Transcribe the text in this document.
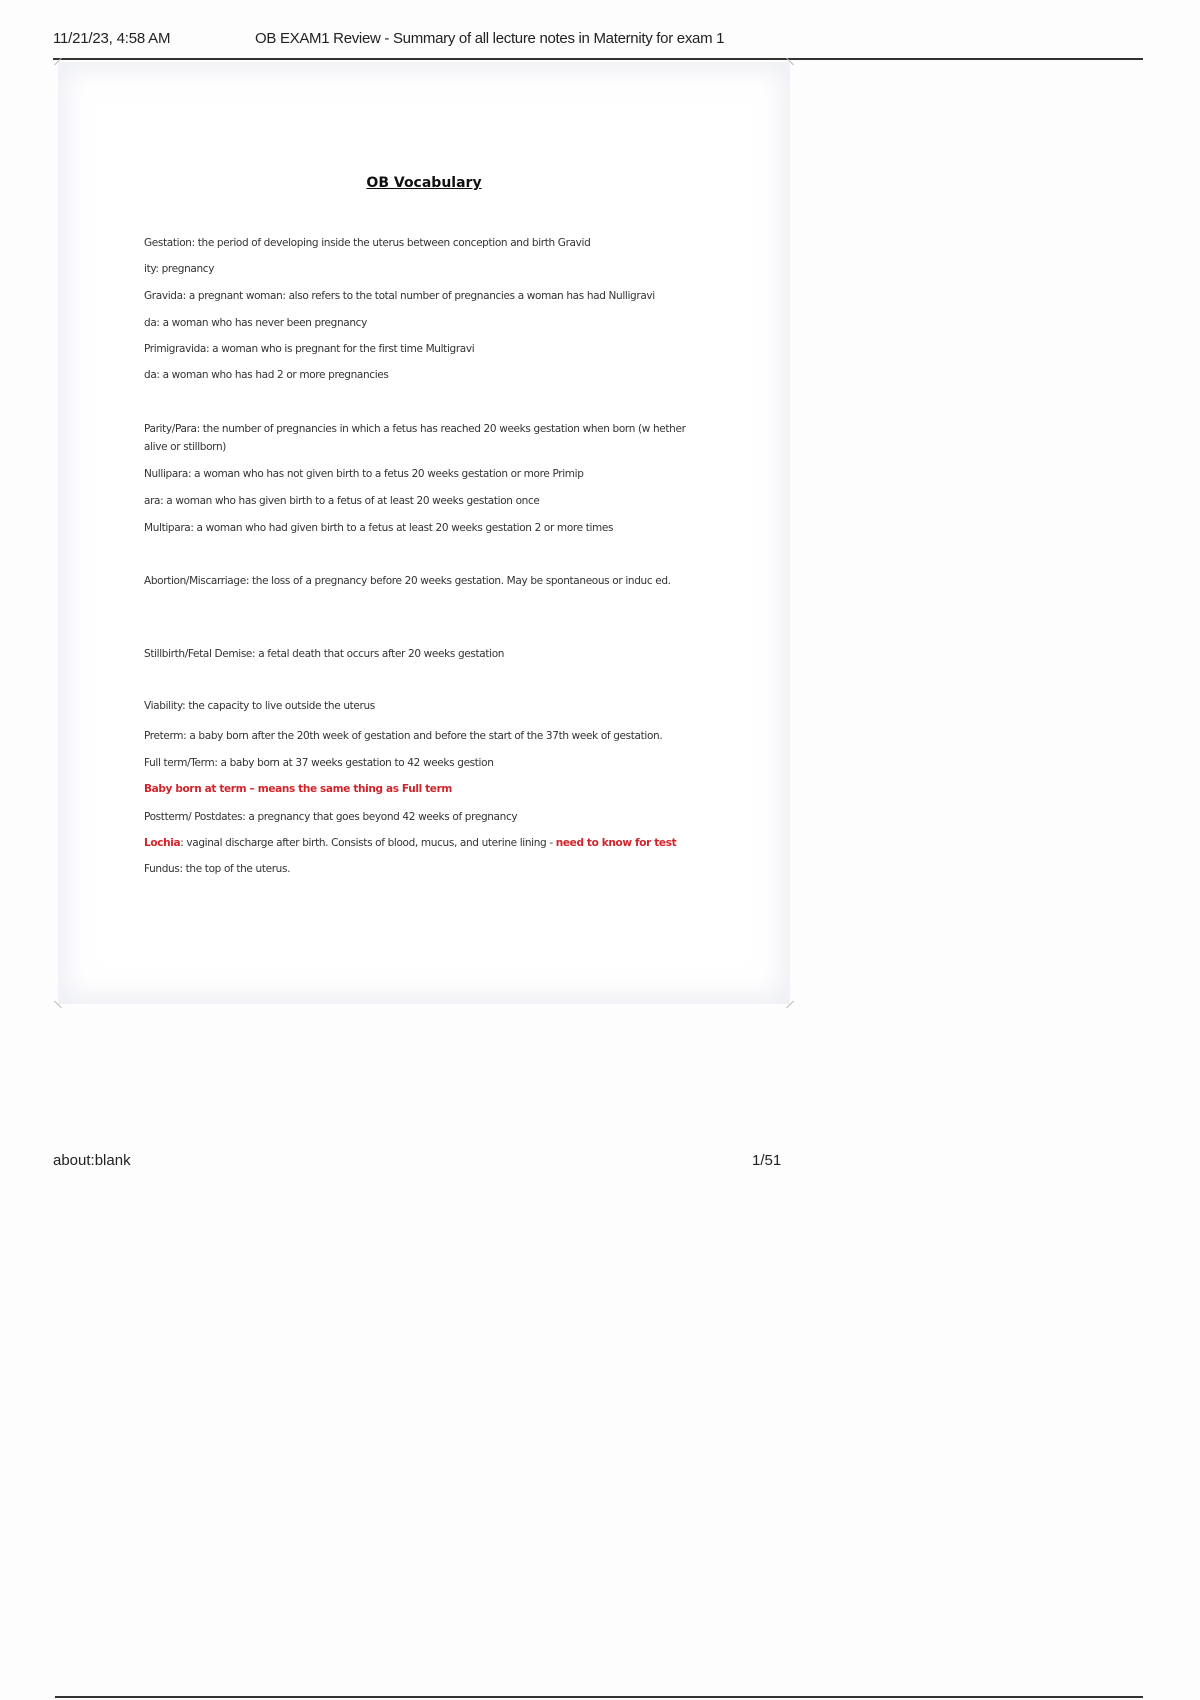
11/21/23, 4:58 AM	OB EXAM1 Review - Summary of all lecture notes in Maternity for exam 1
OB Vocabulary
Gestation: the period of developing inside the uterus between conception and birth Gravid
ity: pregnancy
Gravida: a pregnant woman: also refers to the total number of pregnancies a woman has had Nulligravi
da: a woman who has never been pregnancy
Primigravida: a woman who is pregnant for the first time Multigravi
da: a woman who has had 2 or more pregnancies
Parity/Para: the number of pregnancies in which a fetus has reached 20 weeks gestation when born (w hether alive or stillborn)
Nullipara: a woman who has not given birth to a fetus 20 weeks gestation or more Primip
ara: a woman who has given birth to a fetus of at least 20 weeks gestation once
Multipara: a woman who had given birth to a fetus at least 20 weeks gestation 2 or more times
Abortion/Miscarriage: the loss of a pregnancy before 20 weeks gestation. May be spontaneous or induc ed.
Stillbirth/Fetal Demise: a fetal death that occurs after 20 weeks gestation
Viability: the capacity to live outside the uterus
Preterm: a baby born after the 20th week of gestation and before the start of the 37th week of gestation.
Full term/Term: a baby born at 37 weeks gestation to 42 weeks gestion
Baby born at term – means the same thing as Full term
Postterm/ Postdates: a pregnancy that goes beyond 42 weeks of pregnancy
Lochia: vaginal discharge after birth. Consists of blood, mucus, and uterine lining - need to know for test
Fundus: the top of the uterus.
about:blank	1/51
